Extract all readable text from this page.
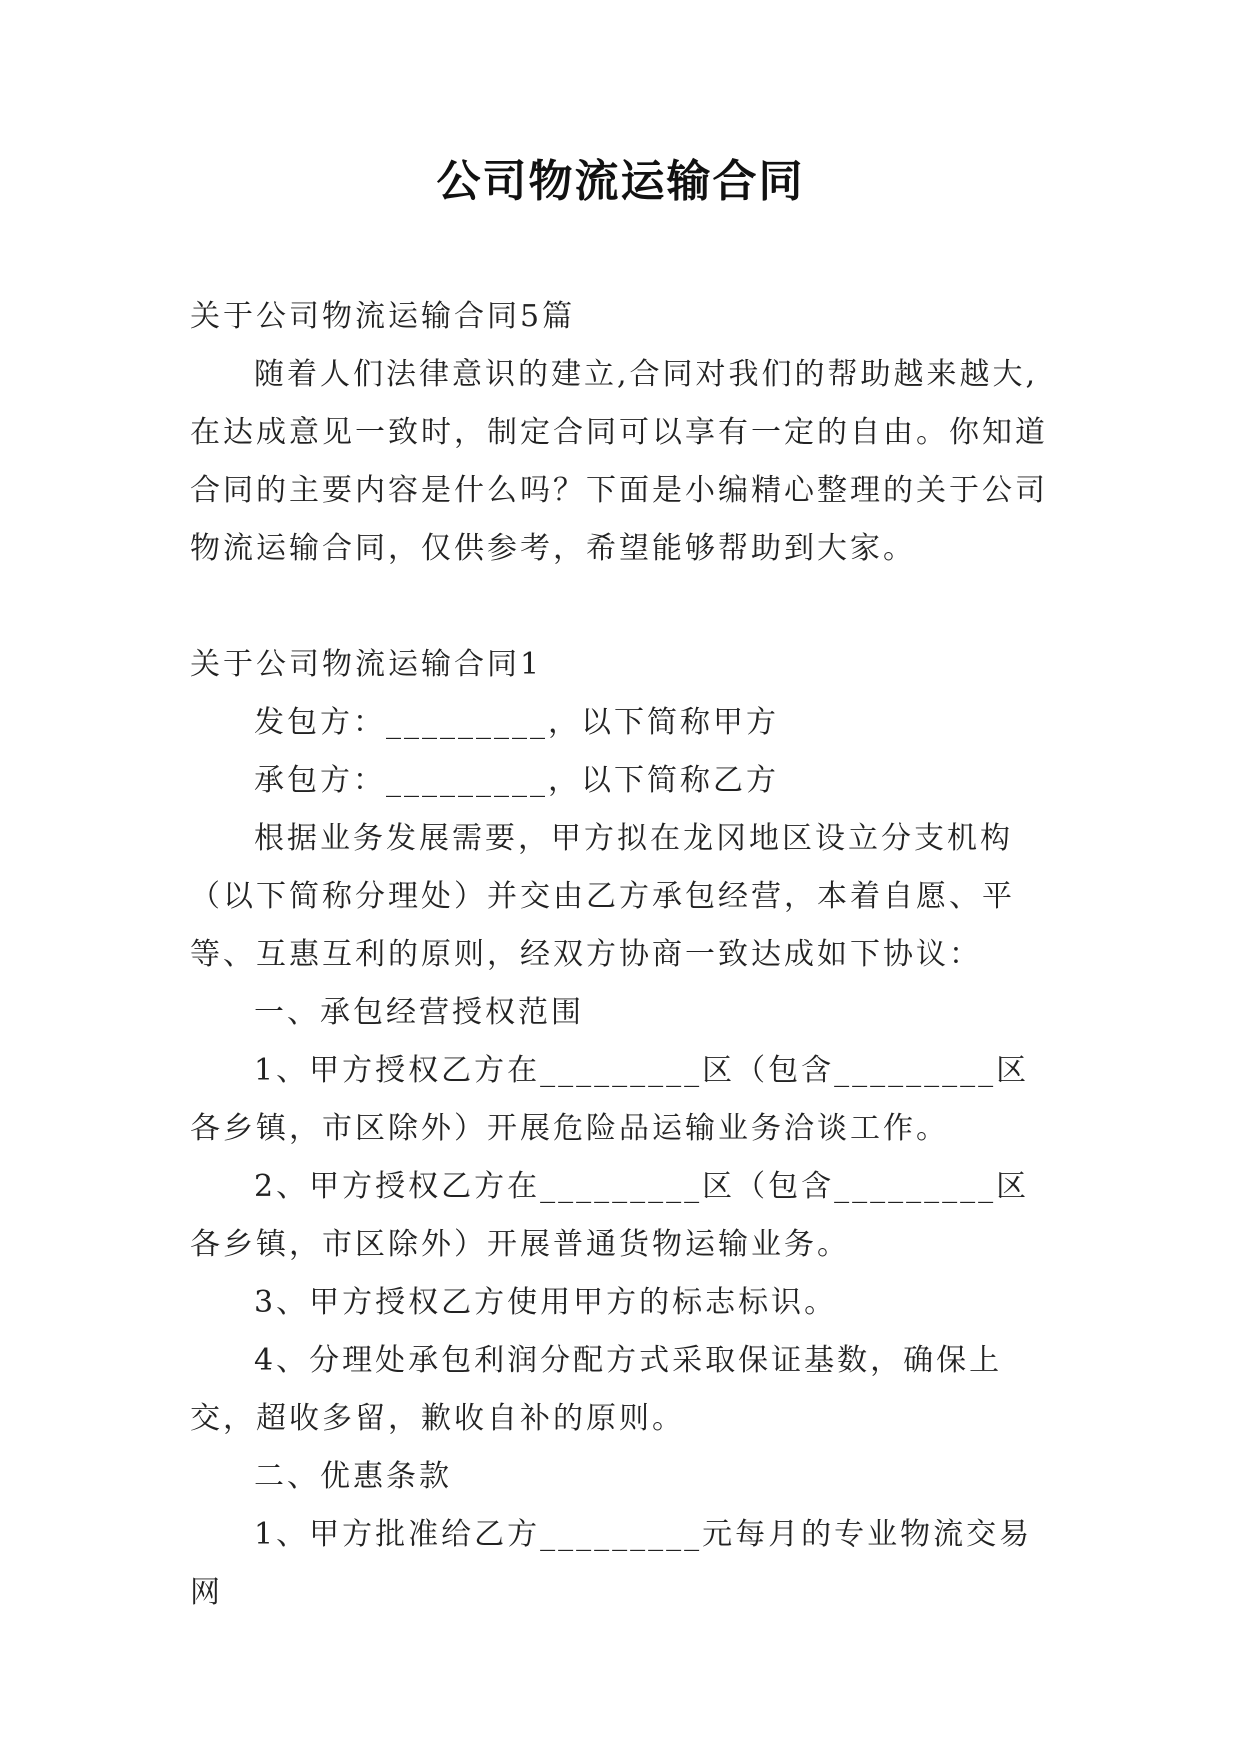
公司物流运输合同

关于公司物流运输合同5篇

随着人们法律意识的建立,合同对我们的帮助越来越大,在达成意见一致时，制定合同可以享有一定的自由。你知道合同的主要内容是什么吗？下面是小编精心整理的关于公司物流运输合同，仅供参考，希望能够帮助到大家。

关于公司物流运输合同1

发包方：_________，以下简称甲方

承包方：_________，以下简称乙方

根据业务发展需要，甲方拟在龙冈地区设立分支机构（以下简称分理处）并交由乙方承包经营，本着自愿、平等、互惠互利的原则，经双方协商一致达成如下协议：

一、承包经营授权范围

1、甲方授权乙方在_________区（包含_________区各乡镇，市区除外）开展危险品运输业务洽谈工作。

2、甲方授权乙方在_________区（包含_________区各乡镇，市区除外）开展普通货物运输业务。

3、甲方授权乙方使用甲方的标志标识。

4、分理处承包利润分配方式采取保证基数，确保上交，超收多留，歉收自补的原则。

二、优惠条款

1、甲方批准给乙方_________元每月的专业物流交易网
